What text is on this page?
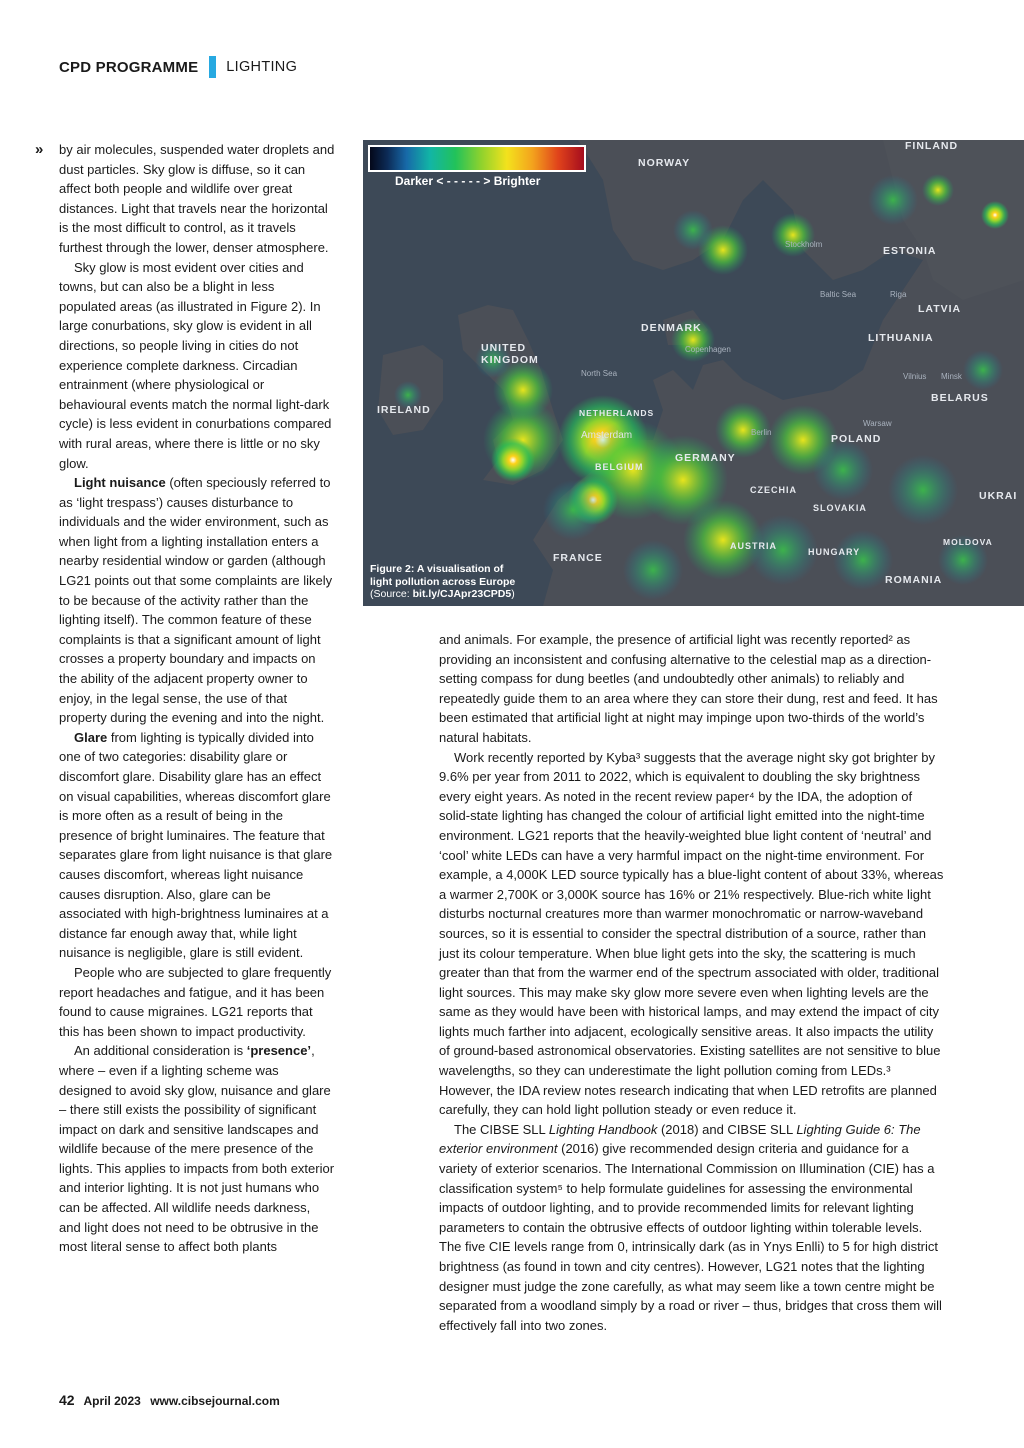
CPD PROGRAMME LIGHTING
» by air molecules, suspended water droplets and dust particles. Sky glow is diffuse, so it can affect both people and wildlife over great distances. Light that travels near the horizontal is the most difficult to control, as it travels furthest through the lower, denser atmosphere.

Sky glow is most evident over cities and towns, but can also be a blight in less populated areas (as illustrated in Figure 2). In large conurbations, sky glow is evident in all directions, so people living in cities do not experience complete darkness. Circadian entrainment (where physiological or behavioural events match the normal light-dark cycle) is less evident in conurbations compared with rural areas, where there is little or no sky glow.

Light nuisance (often speciously referred to as ‘light trespass’) causes disturbance to individuals and the wider environment, such as when light from a lighting installation enters a nearby residential window or garden (although LG21 points out that some complaints are likely to be because of the activity rather than the lighting itself). The common feature of these complaints is that a significant amount of light crosses a property boundary and impacts on the ability of the adjacent property owner to enjoy, in the legal sense, the use of that property during the evening and into the night.

Glare from lighting is typically divided into one of two categories: disability glare or discomfort glare. Disability glare has an effect on visual capabilities, whereas discomfort glare is more often as a result of being in the presence of bright luminaires. The feature that separates glare from light nuisance is that glare causes discomfort, whereas light nuisance causes disruption. Also, glare can be associated with high-brightness luminaires at a distance far enough away that, while light nuisance is negligible, glare is still evident.

People who are subjected to glare frequently report headaches and fatigue, and it has been found to cause migraines. LG21 reports that this has been shown to impact productivity.

An additional consideration is ‘presence’, where – even if a lighting scheme was designed to avoid sky glow, nuisance and glare – there still exists the possibility of significant impact on dark and sensitive landscapes and wildlife because of the mere presence of the lights. This applies to impacts from both exterior and interior lighting. It is not just humans who can be affected. All wildlife needs darkness, and light does not need to be obtrusive in the most literal sense to affect both plants

Darker < - - - - - > Brighter
FINLAND
NORWAY
ESTONIA
LATVIA
LITHUANIA
DENMARK
UNITED KINGDOM
IRELAND	NETHERLANDS
BELGIUM
GERMANY
POLAND
BELARUS
CZECHIA
SLOVAKIA
AUSTRIA
HUNGARY
FRANCE
ROMANIA
MOLDOVA
UKRAI
North Sea
Stockholm
Copenhagen
Baltic Sea	Riga
Vilnius Minsk
Amsterdam	Berlin
Warsaw
Figure 2: A visualisation of light pollution across Europe
(Source: bit.ly/CJApr23CPD5)

and animals. For example, the presence of artificial light was recently reported² as providing an inconsistent and confusing alternative to the celestial map as a direction-setting compass for dung beetles (and undoubtedly other animals) to reliably and repeatedly guide them to an area where they can store their dung, rest and feed. It has been estimated that artificial light at night may impinge upon two-thirds of the world’s natural habitats.

Work recently reported by Kyba³ suggests that the average night sky got brighter by 9.6% per year from 2011 to 2022, which is equivalent to doubling the sky brightness every eight years. As noted in the recent review paper⁴ by the IDA, the adoption of solid-state lighting has changed the colour of artificial light emitted into the night-time environment. LG21 reports that the heavily-weighted blue light content of ‘neutral’ and ‘cool’ white LEDs can have a very harmful impact on the night-time environment. For example, a 4,000K LED source typically has a blue-light content of about 33%, whereas a warmer 2,700K or 3,000K source has 16% or 21% respectively. Blue-rich white light disturbs nocturnal creatures more than warmer monochromatic or narrow-waveband sources, so it is essential to consider the spectral distribution of a source, rather than just its colour temperature. When blue light gets into the sky, the scattering is much greater than that from the warmer end of the spectrum associated with older, traditional light sources. This may make sky glow more severe even when lighting levels are the same as they would have been with historical lamps, and may extend the impact of city lights much farther into adjacent, ecologically sensitive areas. It also impacts the utility of ground-based astronomical observatories. Existing satellites are not sensitive to blue wavelengths, so they can underestimate the light pollution coming from LEDs.³ However, the IDA review notes research indicating that when LED retrofits are planned carefully, they can hold light pollution steady or even reduce it.

The CIBSE SLL Lighting Handbook (2018) and CIBSE SLL Lighting Guide 6: The exterior environment (2016) give recommended design criteria and guidance for a variety of exterior scenarios. The International Commission on Illumination (CIE) has a classification system⁵ to help formulate guidelines for assessing the environmental impacts of outdoor lighting, and to provide recommended limits for relevant lighting parameters to contain the obtrusive effects of outdoor lighting within tolerable levels. The five CIE levels range from 0, intrinsically dark (as in Ynys Enlli) to 5 for high district brightness (as found in town and city centres). However, LG21 notes that the lighting designer must judge the zone carefully, as what may seem like a town centre might be separated from a woodland simply by a road or river – thus, bridges that cross them will effectively fall into two zones.

42 April 2023 www.cibsejournal.com
